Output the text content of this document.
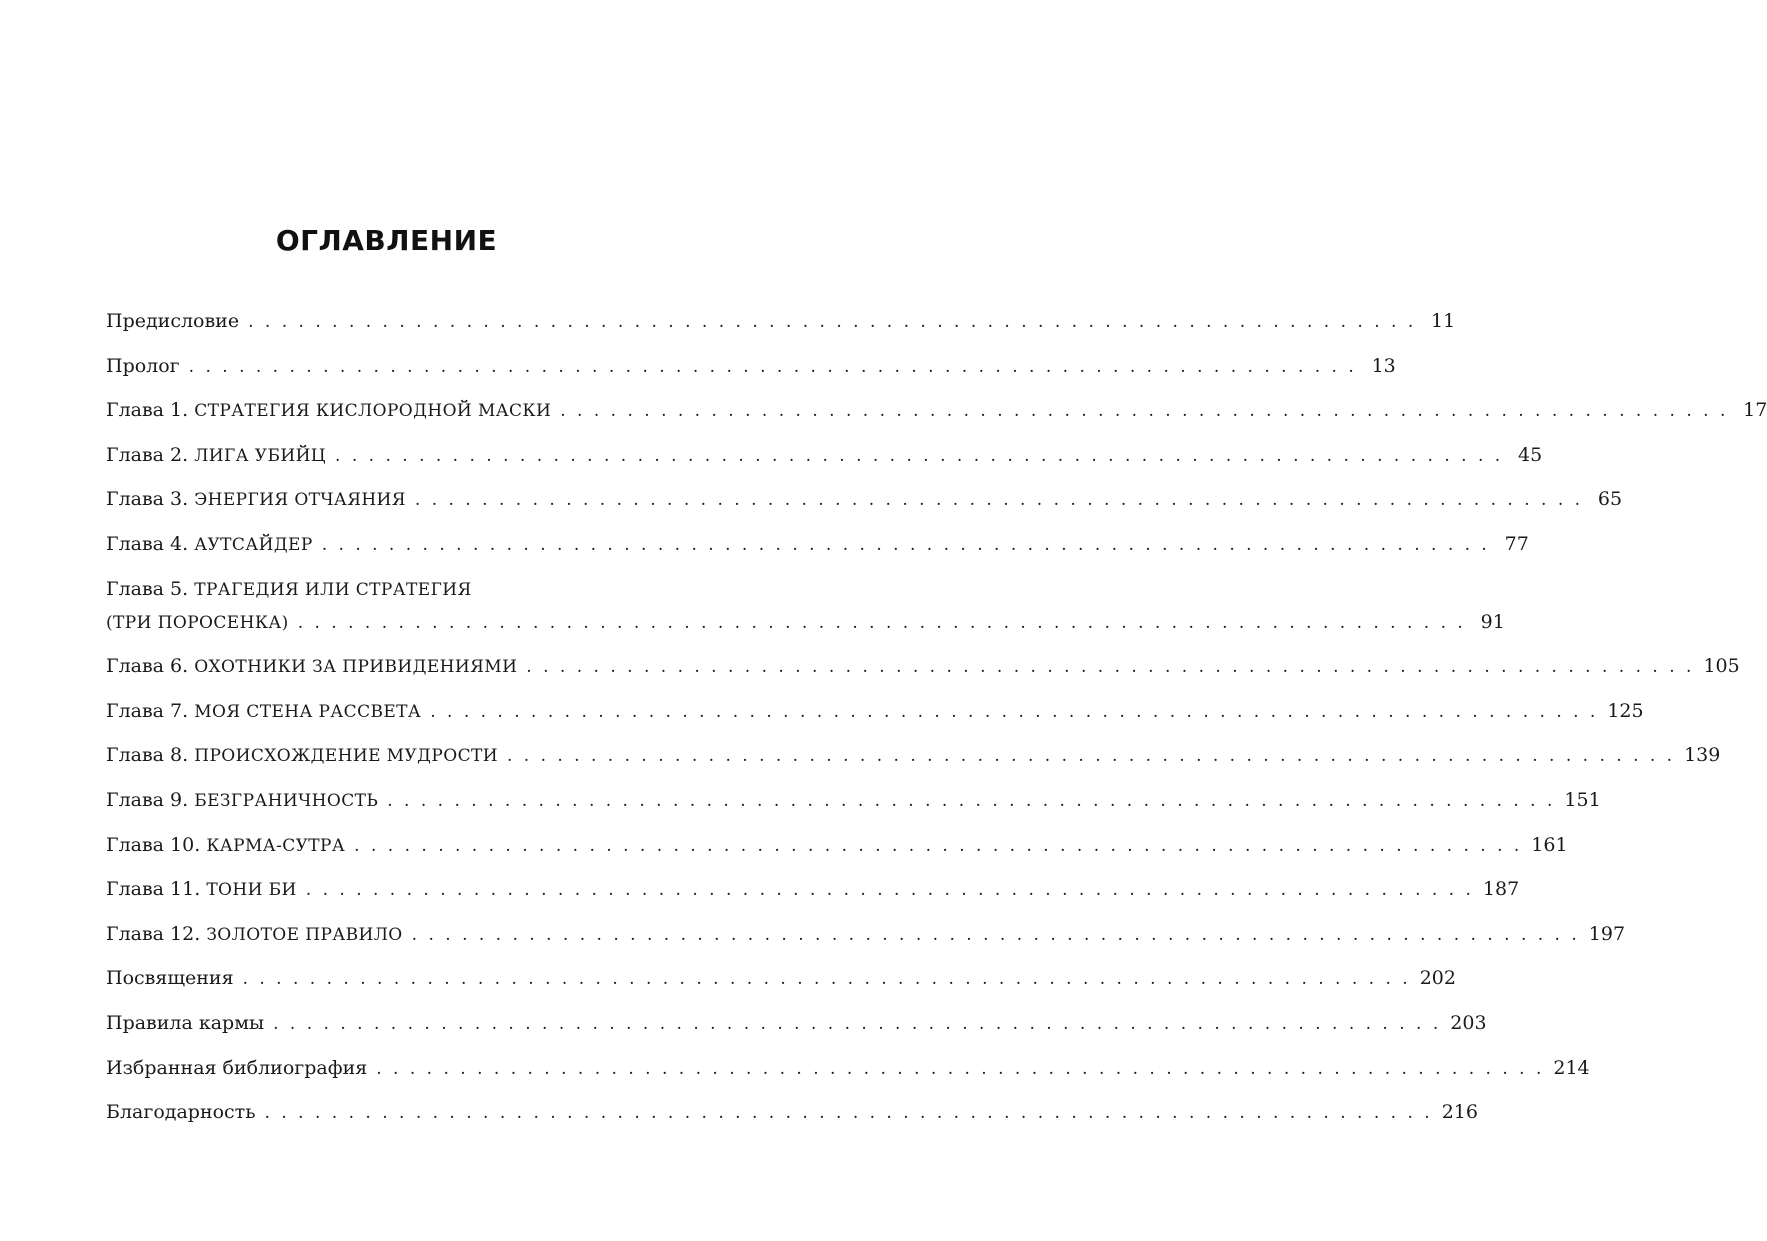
ОГЛАВЛЕНИЕ
Предисловие . . . . . . . . . . . . . . . . . . . . . . . . . . . . . . . . . . . . . . . . . . . . . . . . . . . . . . . . . . . . . . . . . . . . . . 11
Пролог . . . . . . . . . . . . . . . . . . . . . . . . . . . . . . . . . . . . . . . . . . . . . . . . . . . . . . . . . . . . . . . . . . . . . . 13
Глава 1. СТРАТЕГИЯ КИСЛОРОДНОЙ МАСКИ . . . . . . . . . . . . . . . . . . . . . . . . . . . . . . . . . . . . . . . . . . . . . . . . . . . . . . . . . . . . . . . . . . . . . . 17
Глава 2. ЛИГА УБИЙЦ . . . . . . . . . . . . . . . . . . . . . . . . . . . . . . . . . . . . . . . . . . . . . . . . . . . . . . . . . . . . . . . . . . . . . . 45
Глава 3. ЭНЕРГИЯ ОТЧАЯНИЯ . . . . . . . . . . . . . . . . . . . . . . . . . . . . . . . . . . . . . . . . . . . . . . . . . . . . . . . . . . . . . . . . . . . . . . 65
Глава 4. АУТСАЙДЕР . . . . . . . . . . . . . . . . . . . . . . . . . . . . . . . . . . . . . . . . . . . . . . . . . . . . . . . . . . . . . . . . . . . . . . 77
Глава 5. ТРАГЕДИЯ ИЛИ СТРАТЕГИЯ
(ТРИ ПОРОСЕНКА) . . . . . . . . . . . . . . . . . . . . . . . . . . . . . . . . . . . . . . . . . . . . . . . . . . . . . . . . . . . . . . . . . . . . . . 91
Глава 6. ОХОТНИКИ ЗА ПРИВИДЕНИЯМИ . . . . . . . . . . . . . . . . . . . . . . . . . . . . . . . . . . . . . . . . . . . . . . . . . . . . . . . . . . . . . . . . . . . . . . 105
Глава 7. МОЯ СТЕНА РАССВЕТА . . . . . . . . . . . . . . . . . . . . . . . . . . . . . . . . . . . . . . . . . . . . . . . . . . . . . . . . . . . . . . . . . . . . . . 125
Глава 8. ПРОИСХОЖДЕНИЕ МУДРОСТИ . . . . . . . . . . . . . . . . . . . . . . . . . . . . . . . . . . . . . . . . . . . . . . . . . . . . . . . . . . . . . . . . . . . . . . 139
Глава 9. БЕЗГРАНИЧНОСТЬ . . . . . . . . . . . . . . . . . . . . . . . . . . . . . . . . . . . . . . . . . . . . . . . . . . . . . . . . . . . . . . . . . . . . . . 151
Глава 10. КАРМА-СУТРА . . . . . . . . . . . . . . . . . . . . . . . . . . . . . . . . . . . . . . . . . . . . . . . . . . . . . . . . . . . . . . . . . . . . . . 161
Глава 11. ТОНИ БИ . . . . . . . . . . . . . . . . . . . . . . . . . . . . . . . . . . . . . . . . . . . . . . . . . . . . . . . . . . . . . . . . . . . . . . 187
Глава 12. ЗОЛОТОЕ ПРАВИЛО . . . . . . . . . . . . . . . . . . . . . . . . . . . . . . . . . . . . . . . . . . . . . . . . . . . . . . . . . . . . . . . . . . . . . . 197
Посвящения . . . . . . . . . . . . . . . . . . . . . . . . . . . . . . . . . . . . . . . . . . . . . . . . . . . . . . . . . . . . . . . . . . . . . . 202
Правила кармы . . . . . . . . . . . . . . . . . . . . . . . . . . . . . . . . . . . . . . . . . . . . . . . . . . . . . . . . . . . . . . . . . . . . . . 203
Избранная библиография . . . . . . . . . . . . . . . . . . . . . . . . . . . . . . . . . . . . . . . . . . . . . . . . . . . . . . . . . . . . . . . . . . . . . . 214
Благодарность . . . . . . . . . . . . . . . . . . . . . . . . . . . . . . . . . . . . . . . . . . . . . . . . . . . . . . . . . . . . . . . . . . . . . . 216
